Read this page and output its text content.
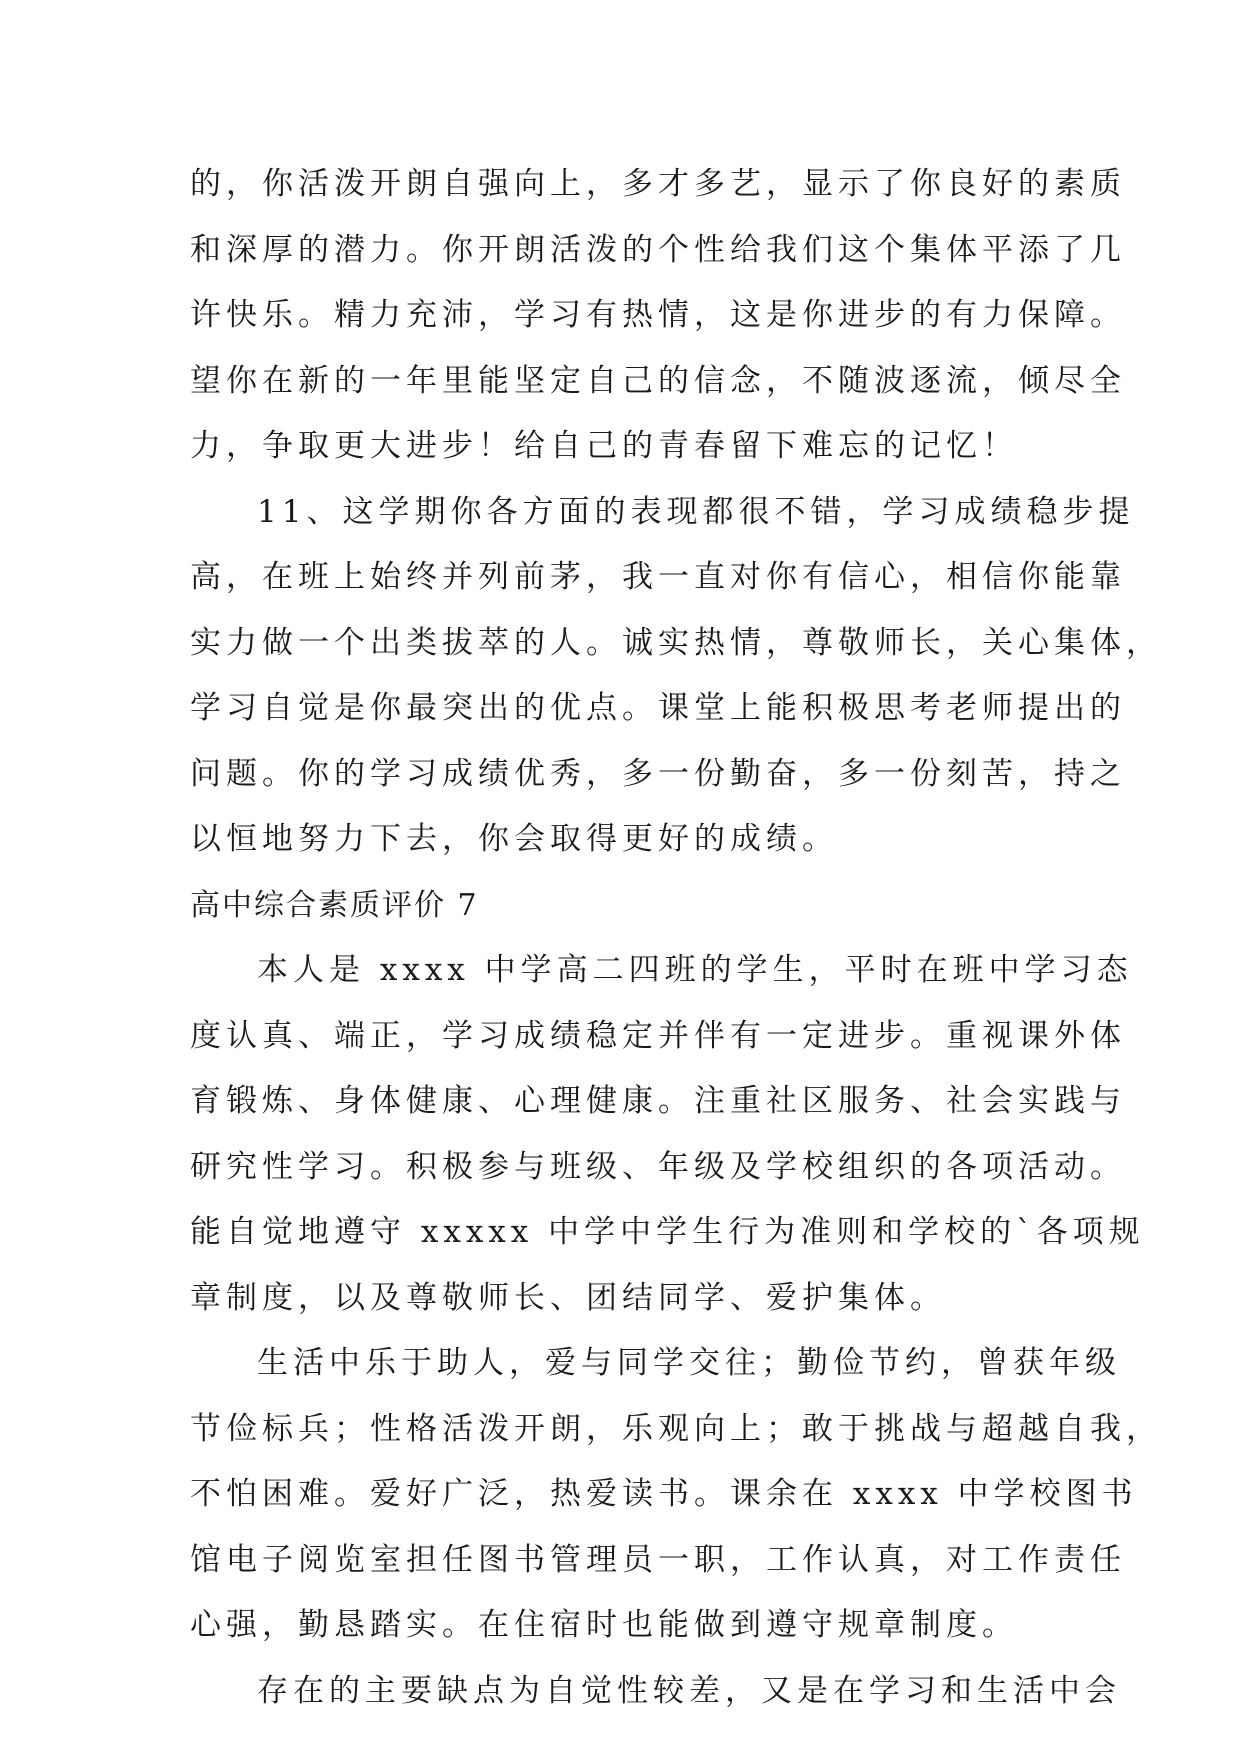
的，你活泼开朗自强向上，多才多艺，显示了你良好的素质
和深厚的潜力。你开朗活泼的个性给我们这个集体平添了几
许快乐。精力充沛，学习有热情，这是你进步的有力保障。
望你在新的一年里能坚定自己的信念，不随波逐流，倾尽全
力，争取更大进步！给自己的青春留下难忘的记忆！
11、这学期你各方面的表现都很不错，学习成绩稳步提
高，在班上始终并列前茅，我一直对你有信心，相信你能靠
实力做一个出类拔萃的人。诚实热情，尊敬师长，关心集体，
学习自觉是你最突出的优点。课堂上能积极思考老师提出的
问题。你的学习成绩优秀，多一份勤奋，多一份刻苦，持之
以恒地努力下去，你会取得更好的成绩。
高中综合素质评价 7
本人是 xxxx 中学高二四班的学生，平时在班中学习态
度认真、端正，学习成绩稳定并伴有一定进步。重视课外体
育锻炼、身体健康、心理健康。注重社区服务、社会实践与
研究性学习。积极参与班级、年级及学校组织的各项活动。
能自觉地遵守 xxxxx 中学中学生行为准则和学校的`各项规
章制度，以及尊敬师长、团结同学、爱护集体。
生活中乐于助人，爱与同学交往；勤俭节约，曾获年级
节俭标兵；性格活泼开朗，乐观向上；敢于挑战与超越自我，
不怕困难。爱好广泛，热爱读书。课余在 xxxx 中学校图书
馆电子阅览室担任图书管理员一职，工作认真，对工作责任
心强，勤恳踏实。在住宿时也能做到遵守规章制度。
存在的主要缺点为自觉性较差，又是在学习和生活中会
